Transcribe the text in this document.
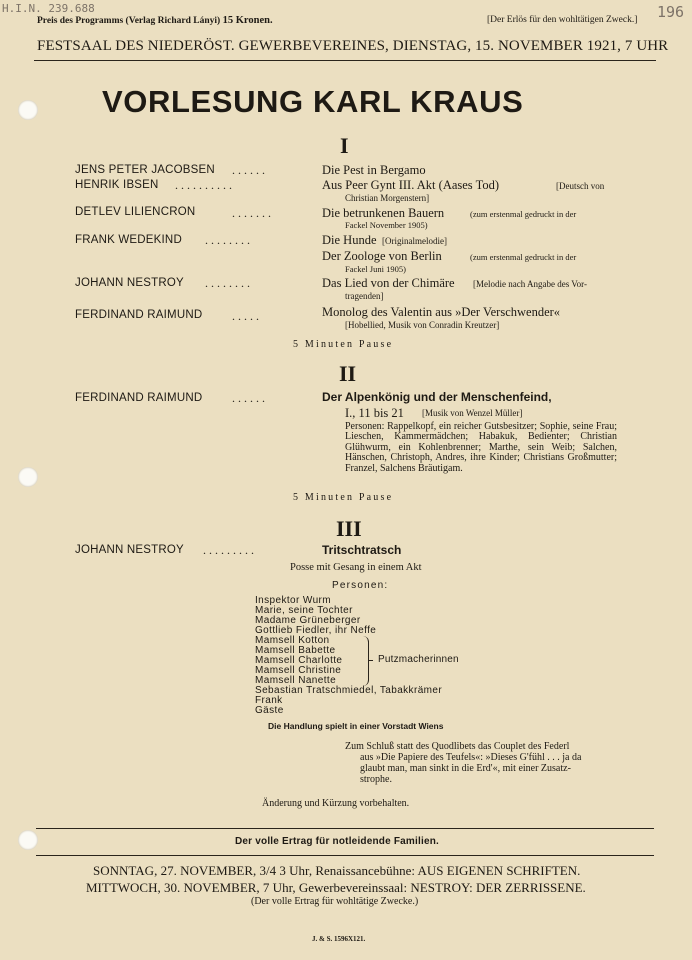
H.I.N. 239.688	196
Preis des Programms (Verlag Richard Lányi) 15 Kronen.	[Der Erlös für den wohltätigen Zweck.]
FESTSAAL DES NIEDERÖST. GEWERBEVEREINES, DIENSTAG, 15. NOVEMBER 1921, 7 UHR
VORLESUNG KARL KRAUS
I
JENS PETER JACOBSEN ......	Die Pest in Bergamo
HENRIK IBSEN ..........	Aus Peer Gynt III. Akt (Aases Tod)	[Deutsch von
Christian Morgenstern]
DETLEV LILIENCRON	.......	Die betrunkenen Bauern	(zum erstenmal gedruckt in der
Fackel November 1905)
FRANK WEDEKIND ........	Die Hunde [Originalmelodie]
Der Zoologe von Berlin	(zum erstenmal gedruckt in der
Fackel Juni 1905)
JOHANN NESTROY ........	Das Lied von der Chimäre [Melodie nach Angabe des Vor-
tragenden]
FERDINAND RAIMUND .....	Monolog des Valentin aus »Der Verschwender«
[Hobellied, Musik von Conradin Kreutzer]
5 Minuten Pause
II
FERDINAND RAIMUND ......	Der Alpenkönig und der Menschenfeind,
I., 11 bis 21 [Musik von Wenzel Müller]
Personen: Rappelkopf, ein reicher Gutsbesitzer; Sophie, seine Frau; Lieschen, Kammermädchen; Habakuk, Bedienter; Christian Glühwurm, ein Kohlenbrenner; Marthe, sein Weib; Salchen, Hänschen, Christoph, Andres, ihre Kinder; Christians Großmutter; Franzel, Salchens Bräutigam.
5 Minuten Pause
III
JOHANN NESTROY .........	Tritschtratsch
Posse mit Gesang in einem Akt
Personen:
Inspektor Wurm
Marie, seine Tochter
Madame Grüneberger
Gottlieb Fiedler, ihr Neffe
Mamsell Kotton
Mamsell Babette
Mamsell Charlotte
Mamsell Christine
Mamsell Nanette
Sebastian Tratschmiedel, Tabakkrämer
Frank
Gäste
Putzmacherinnen
Die Handlung spielt in einer Vorstadt Wiens
Zum Schluß statt des Quodlibets das Couplet des Federl
aus »Die Papiere des Teufels«: »Dieses G'fühl . . . ja da
glaubt man, man sinkt in die Erd'«, mit einer Zusatz-
strophe.
Änderung und Kürzung vorbehalten.
Der volle Ertrag für notleidende Familien.
SONNTAG, 27. NOVEMBER, 3/4 3 Uhr, Renaissancebühne: AUS EIGENEN SCHRIFTEN.
MITTWOCH, 30. NOVEMBER, 7 Uhr, Gewerbevereinssaal: NESTROY: DER ZERRISSENE.
(Der volle Ertrag für wohltätige Zwecke.)
J. & S. 1596X121.
